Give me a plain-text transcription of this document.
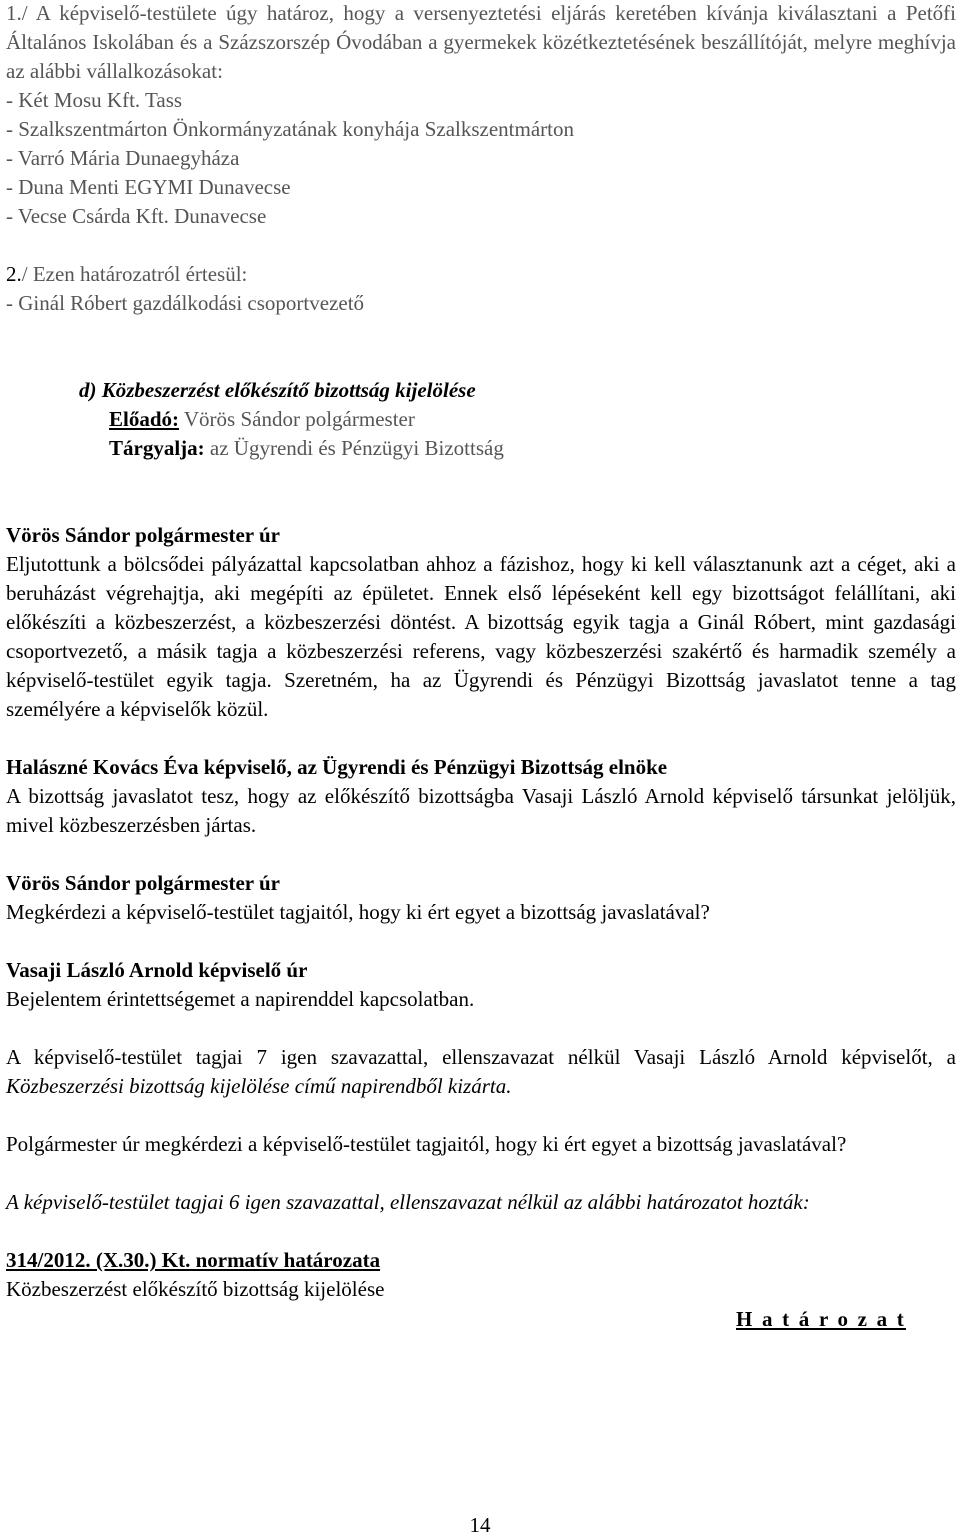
1./ A képviselő-testülete úgy határoz, hogy a versenyeztetési eljárás keretében kívánja kiválasztani a Petőfi Általános Iskolában és a Százszorszép Óvodában a gyermekek közétkeztetésének beszállítóját, melyre meghívja az alábbi vállalkozásokat:

- Két Mosu Kft. Tass

- Szalkszentmárton Önkormányzatának konyhája Szalkszentmárton

- Varró Mária Dunaegyháza

- Duna Menti EGYMI Dunavecse

- Vecse Csárda Kft. Dunavecse

2./ Ezen határozatról értesül:

- Ginál Róbert gazdálkodási csoportvezető

d) Közbeszerzést előkészítő bizottság kijelölése

Előadó: Vörös Sándor polgármester

Tárgyalja: az Ügyrendi és Pénzügyi Bizottság

Vörös Sándor polgármester úr

Eljutottunk a bölcsődei pályázattal kapcsolatban ahhoz a fázishoz, hogy ki kell választanunk azt a céget, aki a beruházást végrehajtja, aki megépíti az épületet. Ennek első lépéseként kell egy bizottságot felállítani, aki előkészíti a közbeszerzést, a közbeszerzési döntést. A bizottság egyik tagja a Ginál Róbert, mint gazdasági csoportvezető, a másik tagja a közbeszerzési referens, vagy közbeszerzési szakértő és harmadik személy a képviselő-testület egyik tagja. Szeretném, ha az Ügyrendi és Pénzügyi Bizottság javaslatot tenne a tag személyére a képviselők közül.

Halászné Kovács Éva képviselő, az Ügyrendi és Pénzügyi Bizottság elnöke

A bizottság javaslatot tesz, hogy az előkészítő bizottságba Vasaji László Arnold képviselő társunkat jelöljük, mivel közbeszerzésben jártas.

Vörös Sándor polgármester úr

Megkérdezi a képviselő-testület tagjaitól, hogy ki ért egyet a bizottság javaslatával?

Vasaji László Arnold képviselő úr

Bejelentem érintettségemet a napirenddel kapcsolatban.

A képviselő-testület tagjai 7 igen szavazattal, ellenszavazat nélkül Vasaji László Arnold képviselőt, a Közbeszerzési bizottság kijelölése című napirendből kizárta.

Polgármester úr megkérdezi a képviselő-testület tagjaitól, hogy ki ért egyet a bizottság javaslatával?

A képviselő-testület tagjai 6 igen szavazattal, ellenszavazat nélkül az alábbi határozatot hozták:

314/2012. (X.30.) Kt. normatív határozata

Közbeszerzést előkészítő bizottság kijelölése

H a t á r o z a t

14
